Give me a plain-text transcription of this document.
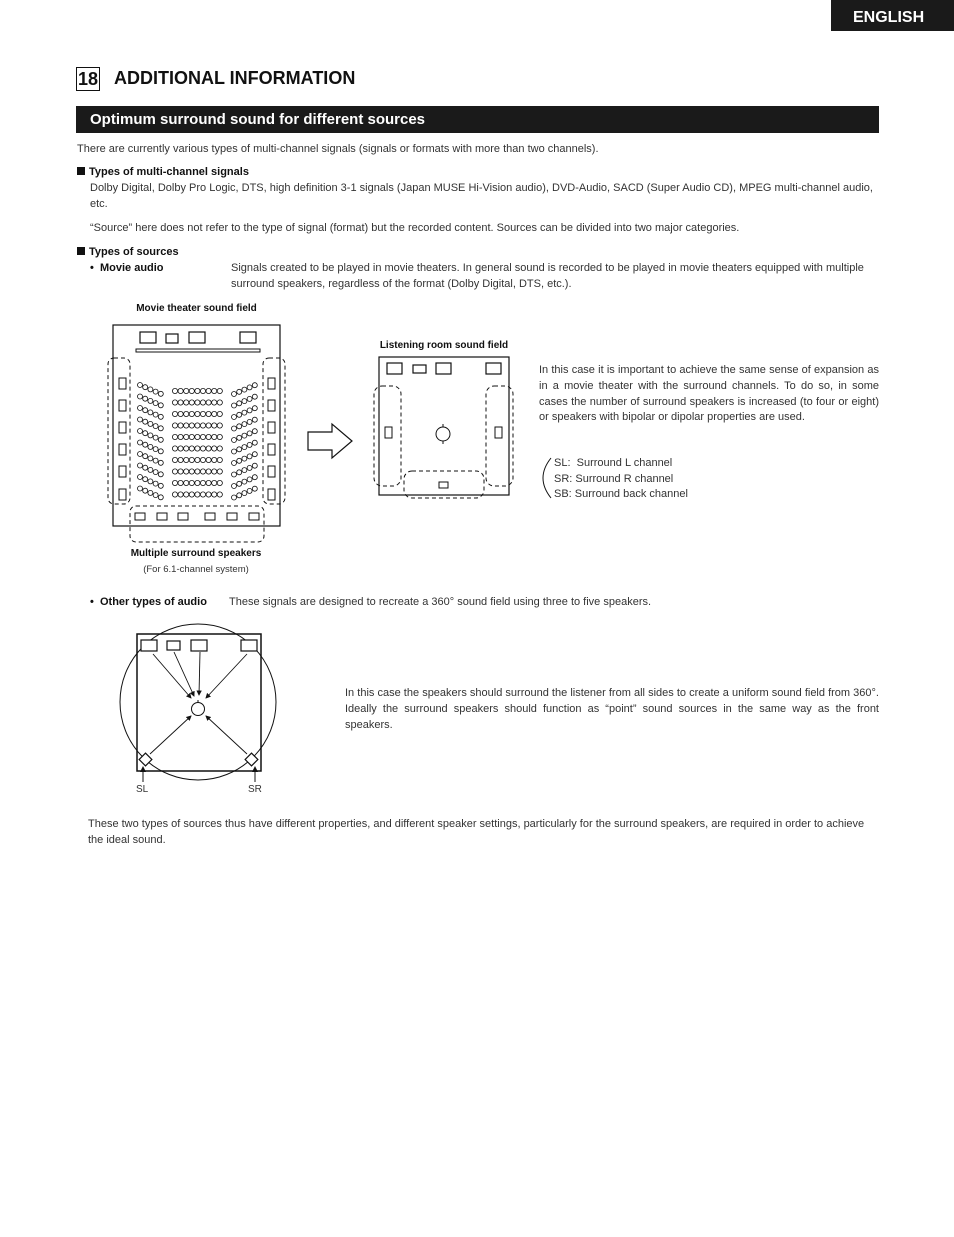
ENGLISH
18 ADDITIONAL INFORMATION
Optimum surround sound for different sources
There are currently various types of multi-channel signals (signals or formats with more than two channels).
Types of multi-channel signals
Dolby Digital, Dolby Pro Logic, DTS, high definition 3-1 signals (Japan MUSE Hi-Vision audio), DVD-Audio, SACD (Super Audio CD), MPEG multi-channel audio, etc.
“Source” here does not refer to the type of signal (format) but the recorded content. Sources can be divided into two major categories.
Types of sources
•  Movie audio	Signals created to be played in movie theaters. In general sound is recorded to be played in movie theaters equipped with multiple surround speakers, regardless of the format (Dolby Digital, DTS, etc.).
Movie theater sound field
Listening room sound field
Multiple surround speakers
(For 6.1-channel system)
In this case it is important to achieve the same sense of expansion as in a movie theater with the surround channels. To do so, in some cases the number of surround speakers is increased (to four or eight) or speakers with bipolar or dipolar properties are used.
SL: Surround L channel
SR: Surround R channel
SB: Surround back channel
•  Other types of audio These signals are designed to recreate a 360° sound field using three to five speakers.
SL	SR
In this case the speakers should surround the listener from all sides to create a uniform sound field from 360°. Ideally the surround speakers should function as “point” sound sources in the same way as the front speakers.
These two types of sources thus have different properties, and different speaker settings, particularly for the surround speakers, are required in order to achieve the ideal sound.
